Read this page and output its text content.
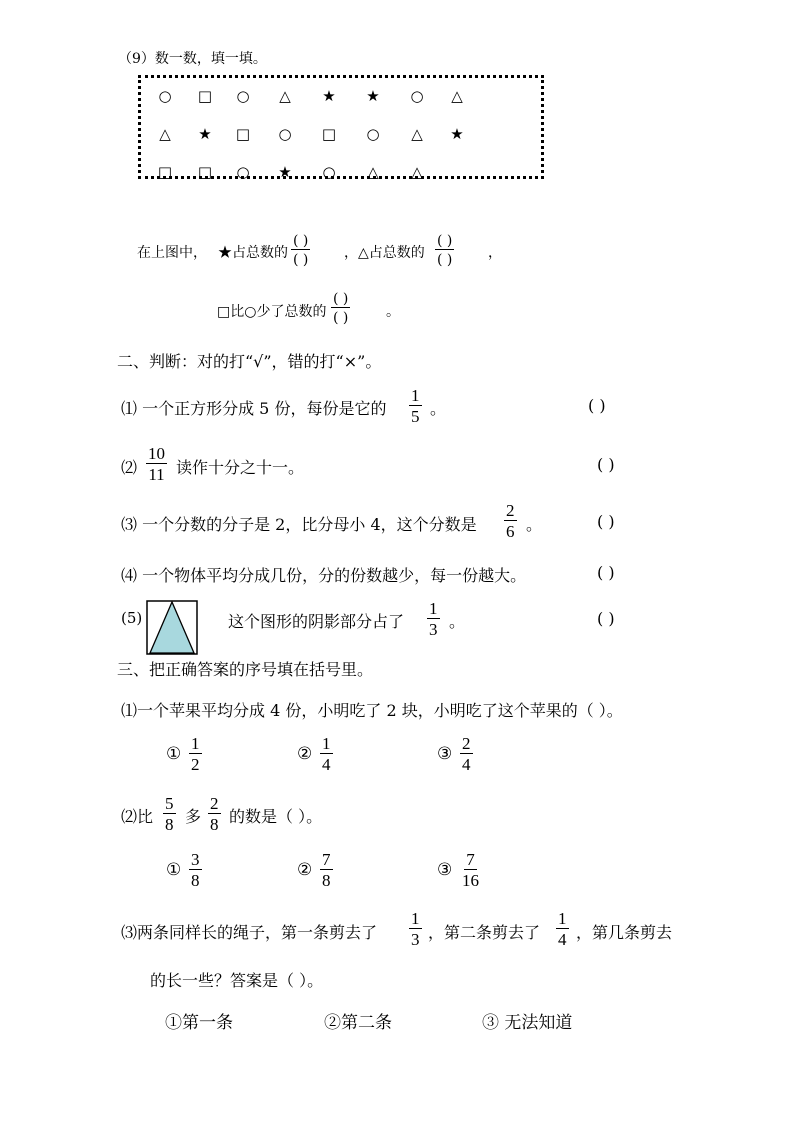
（9）数一数，填一填。
○ □ ○ △ ★ ★ ○ △
△ ★ □ ○ □ ○ △ ★
□ □ ○ ★ ○ △ △
在上图中， ★占总数的
( )
( )	，△占总数的
( )
( )	，
□比○少了总数的
( )
( )	。
二、判断：对的打“√”，错的打“×”。
⑴ 一个正方形分成 5 份，每份是它的 $\frac{1}{5}$ 。	( )
⑵ $\frac{10}{11}$ 读作十分之十一。	( )
⑶ 一个分数的分子是 2，比分母小 4，这个分数是 $\frac{2}{6}$ 。	( )
⑷ 一个物体平均分成几份，分的份数越少，每一份越大。	( )
(5)	这个图形的阴影部分占了 $\frac{1}{3}$ 。	( )
三、把正确答案的序号填在括号里。
⑴一个苹果平均分成 4 份，小明吃了 2 块，小明吃了这个苹果的（ ）。
① $\frac{1}{2}$	② $\frac{1}{4}$	③ $\frac{2}{4}$
⑵比 $\frac{5}{8}$ 多 $\frac{2}{8}$ 的数是（ ）。
① $\frac{3}{8}$	② $\frac{7}{8}$	③ $\frac{7}{16}$
⑶两条同样长的绳子，第一条剪去了 $\frac{1}{3}$ ，第二条剪去了 $\frac{1}{4}$ ，第几条剪去
的长一些？答案是（ ）。
①第一条	②第二条	③ 无法知道
